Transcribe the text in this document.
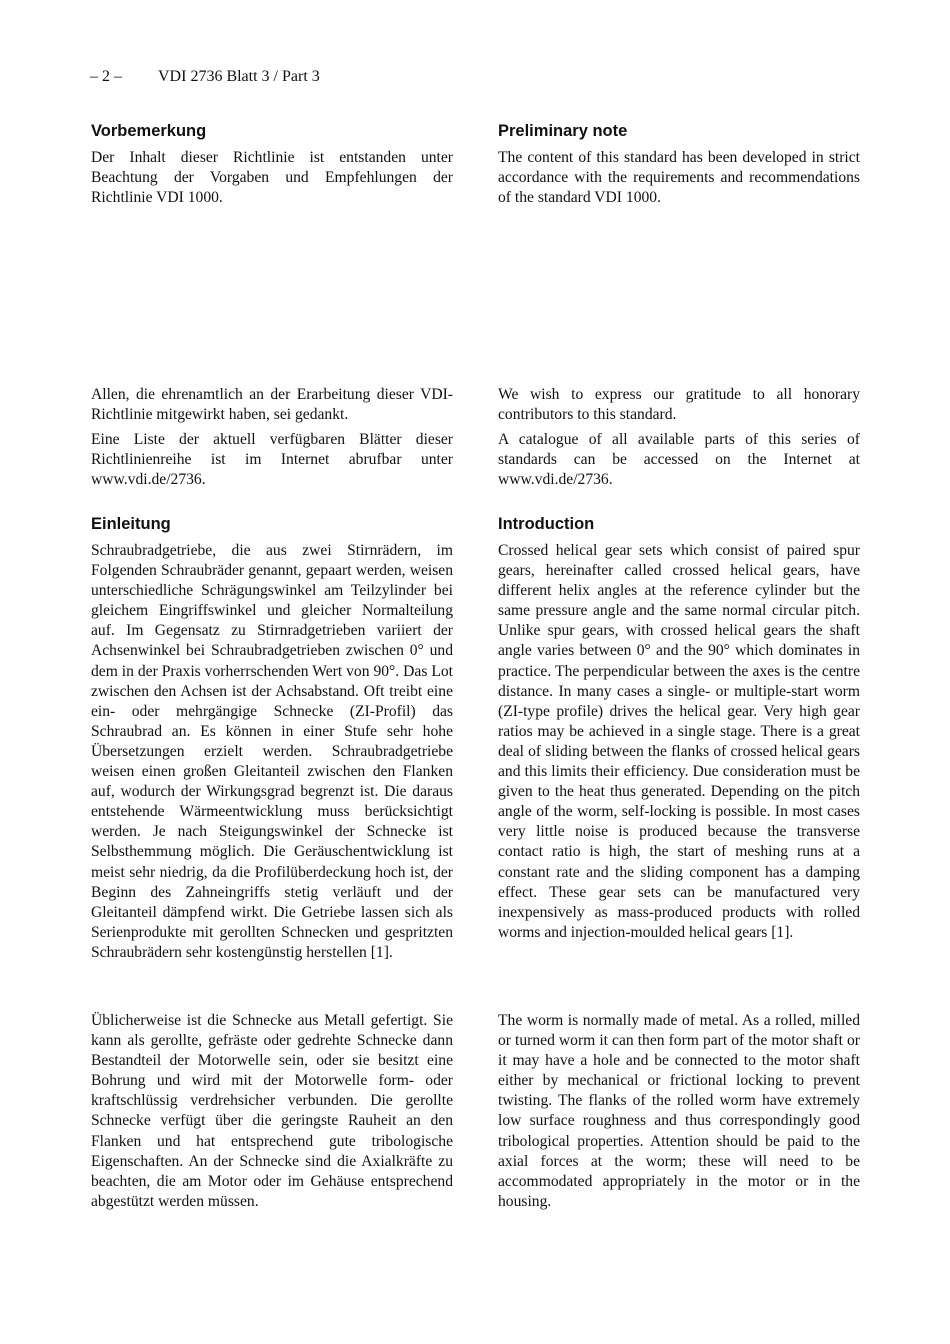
– 2 – VDI 2736 Blatt 3 / Part 3
Vorbemerkung
Der Inhalt dieser Richtlinie ist entstanden unter Beachtung der Vorgaben und Empfehlungen der Richtlinie VDI 1000.
Allen, die ehrenamtlich an der Erarbeitung dieser VDI-Richtlinie mitgewirkt haben, sei gedankt.
Eine Liste der aktuell verfügbaren Blätter dieser Richtlinienreihe ist im Internet abrufbar unter www.vdi.de/2736.
Einleitung
Schraubradgetriebe, die aus zwei Stirnrädern, im Folgenden Schraubräder genannt, gepaart werden, weisen unterschiedliche Schrägungswinkel am Teilzylinder bei gleichem Eingriffswinkel und gleicher Normalteilung auf. Im Gegensatz zu Stirnradgetrieben variiert der Achsenwinkel bei Schraubradgetrieben zwischen 0° und dem in der Praxis vorherrschenden Wert von 90°. Das Lot zwischen den Achsen ist der Achsabstand. Oft treibt eine ein- oder mehrgängige Schnecke (ZI-Profil) das Schraubrad an. Es können in einer Stufe sehr hohe Übersetzungen erzielt werden. Schraubradgetriebe weisen einen großen Gleitanteil zwischen den Flanken auf, wodurch der Wirkungsgrad begrenzt ist. Die daraus entstehende Wärmeentwicklung muss berücksichtigt werden. Je nach Steigungswinkel der Schnecke ist Selbsthemmung möglich. Die Geräuschentwicklung ist meist sehr niedrig, da die Profilüberdeckung hoch ist, der Beginn des Zahneingriffs stetig verläuft und der Gleitanteil dämpfend wirkt. Die Getriebe lassen sich als Serienprodukte mit gerollten Schnecken und gespritzten Schraubrädern sehr kostengünstig herstellen [1].
Üblicherweise ist die Schnecke aus Metall gefertigt. Sie kann als gerollte, gefräste oder gedrehte Schnecke dann Bestandteil der Motorwelle sein, oder sie besitzt eine Bohrung und wird mit der Motorwelle form- oder kraftschlüssig verdrehsicher verbunden. Die gerollte Schnecke verfügt über die geringste Rauheit an den Flanken und hat entsprechend gute tribologische Eigenschaften. An der Schnecke sind die Axialkräfte zu beachten, die am Motor oder im Gehäuse entsprechend abgestützt werden müssen.
Preliminary note
The content of this standard has been developed in strict accordance with the requirements and recommendations of the standard VDI 1000.
We wish to express our gratitude to all honorary contributors to this standard.
A catalogue of all available parts of this series of standards can be accessed on the Internet at www.vdi.de/2736.
Introduction
Crossed helical gear sets which consist of paired spur gears, hereinafter called crossed helical gears, have different helix angles at the reference cylinder but the same pressure angle and the same normal circular pitch. Unlike spur gears, with crossed helical gears the shaft angle varies between 0° and the 90° which dominates in practice. The perpendicular between the axes is the centre distance. In many cases a single- or multiple-start worm (ZI-type profile) drives the helical gear. Very high gear ratios may be achieved in a single stage. There is a great deal of sliding between the flanks of crossed helical gears and this limits their efficiency. Due consideration must be given to the heat thus generated. Depending on the pitch angle of the worm, self-locking is possible. In most cases very little noise is produced because the transverse contact ratio is high, the start of meshing runs at a constant rate and the sliding component has a damping effect. These gear sets can be manufactured very inexpensively as mass-produced products with rolled worms and injection-moulded helical gears [1].
The worm is normally made of metal. As a rolled, milled or turned worm it can then form part of the motor shaft or it may have a hole and be connected to the motor shaft either by mechanical or frictional locking to prevent twisting. The flanks of the rolled worm have extremely low surface roughness and thus correspondingly good tribological properties. Attention should be paid to the axial forces at the worm; these will need to be accommodated appropriately in the motor or in the housing.
